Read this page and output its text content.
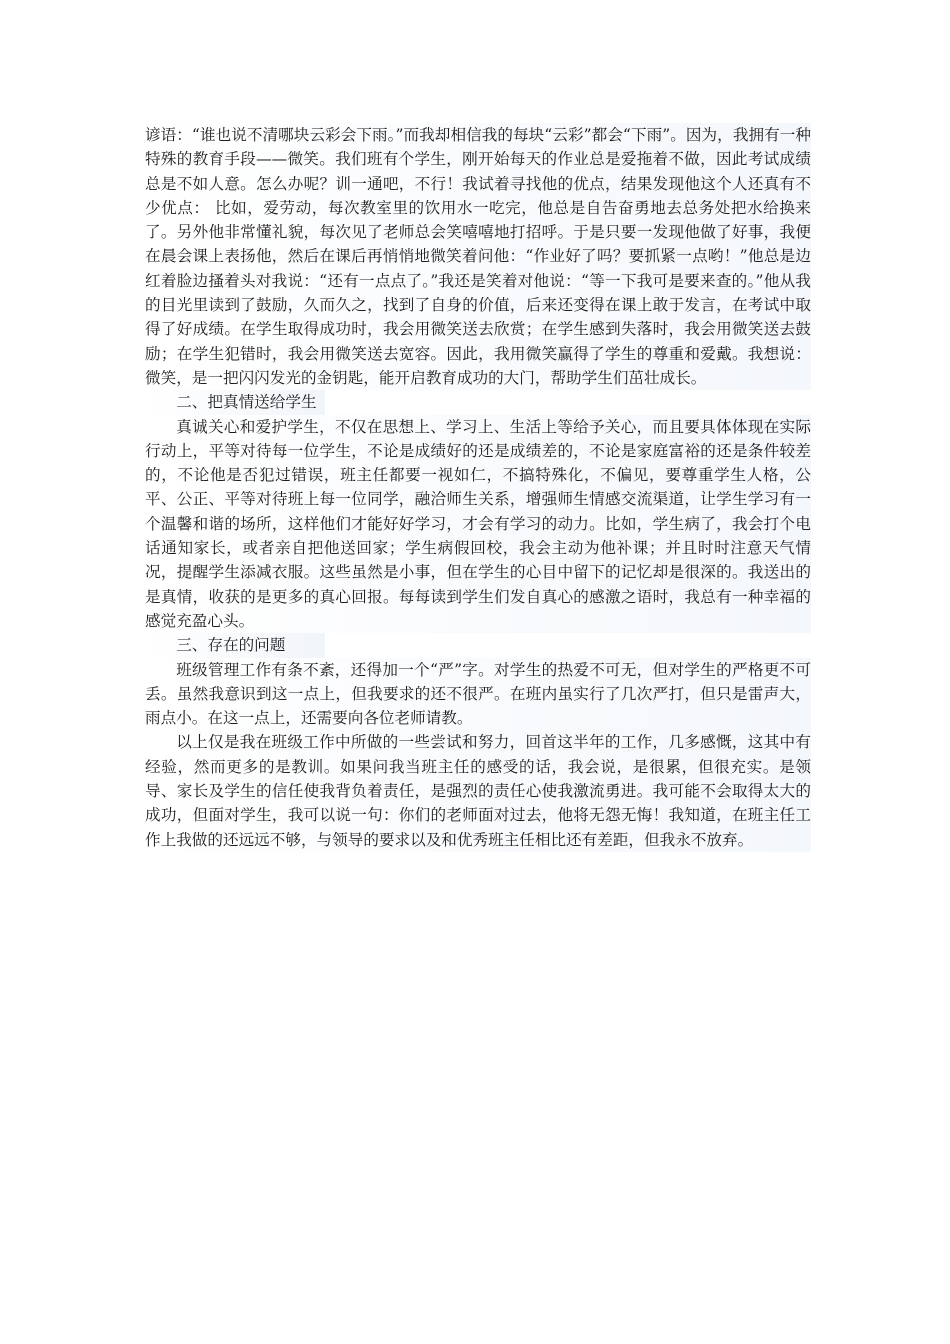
谚语：“谁也说不清哪块云彩会下雨。”而我却相信我的每块“云彩”都会“下雨”。因为，我拥有一种特殊的教育手段——微笑。我们班有个学生，刚开始每天的作业总是爱拖着不做，因此考试成绩总是不如人意。怎么办呢？训一通吧，不行！我试着寻找他的优点，结果发现他这个人还真有不少优点： 比如，爱劳动，每次教室里的饮用水一吃完，他总是自告奋勇地去总务处把水给换来了。另外他非常懂礼貌，每次见了老师总会笑嘻嘻地打招呼。于是只要一发现他做了好事，我便在晨会课上表扬他，然后在课后再悄悄地微笑着问他：“作业好了吗？要抓紧一点哟！”他总是边红着脸边搔着头对我说：“还有一点点了。”我还是笑着对他说：“等一下我可是要来查的。”他从我的目光里读到了鼓励，久而久之，找到了自身的价值，后来还变得在课上敢于发言，在考试中取得了好成绩。在学生取得成功时，我会用微笑送去欣赏；在学生感到失落时，我会用微笑送去鼓励；在学生犯错时，我会用微笑送去宽容。因此，我用微笑赢得了学生的尊重和爱戴。我想说：微笑，是一把闪闪发光的金钥匙，能开启教育成功的大门，帮助学生们茁壮成长。

二、把真情送给学生

真诚关心和爱护学生，不仅在思想上、学习上、生活上等给予关心，而且要具体体现在实际行动上，平等对待每一位学生，不论是成绩好的还是成绩差的，不论是家庭富裕的还是条件较差的，不论他是否犯过错误，班主任都要一视如仁，不搞特殊化，不偏见，要尊重学生人格，公平、公正、平等对待班上每一位同学，融洽师生关系，增强师生情感交流渠道，让学生学习有一个温馨和谐的场所，这样他们才能好好学习，才会有学习的动力。比如，学生病了，我会打个电话通知家长，或者亲自把他送回家；学生病假回校，我会主动为他补课；并且时时注意天气情况，提醒学生添减衣服。这些虽然是小事，但在学生的心目中留下的记忆却是很深的。我送出的是真情，收获的是更多的真心回报。每每读到学生们发自真心的感激之语时，我总有一种幸福的感觉充盈心头。

三、存在的问题

班级管理工作有条不紊，还得加一个“严”字。对学生的热爱不可无，但对学生的严格更不可丢。虽然我意识到这一点上，但我要求的还不很严。在班内虽实行了几次严打，但只是雷声大，雨点小。在这一点上，还需要向各位老师请教。

以上仅是我在班级工作中所做的一些尝试和努力，回首这半年的工作，几多感慨，这其中有经验，然而更多的是教训。如果问我当班主任的感受的话，我会说，是很累，但很充实。是领导、家长及学生的信任使我背负着责任，是强烈的责任心使我激流勇进。我可能不会取得太大的成功，但面对学生，我可以说一句：你们的老师面对过去，他将无怨无悔！我知道，在班主任工作上我做的还远远不够，与领导的要求以及和优秀班主任相比还有差距，但我永不放弃。
